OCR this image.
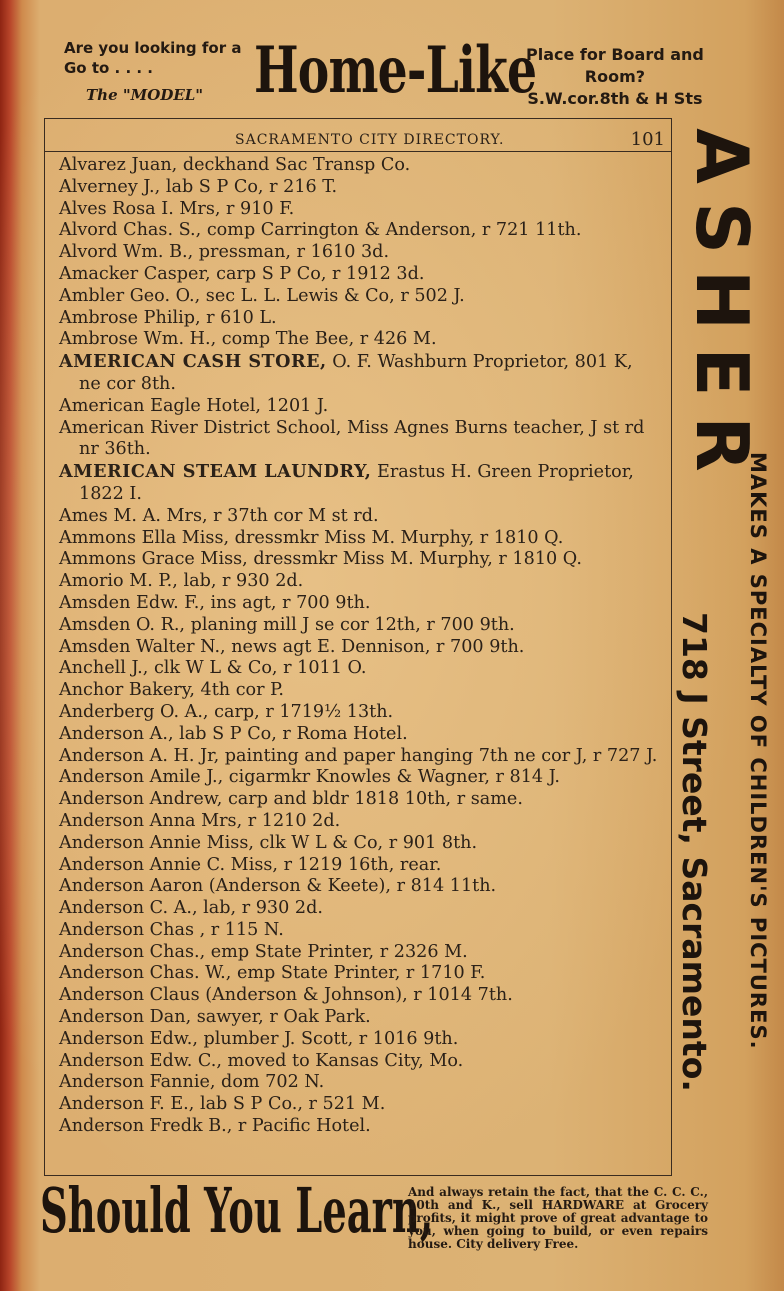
Are you looking for a
Go to . . . .
The "MODEL" Home-Like
Place for Board and
Room?
S.W.cor.8th & H Sts
SACRAMENTO CITY DIRECTORY.	101
Alvarez Juan, deckhand Sac Transp Co.
Alverney J., lab S P Co, r 216 T.
Alves Rosa I. Mrs, r 910 F.
Alvord Chas. S., comp Carrington & Anderson, r 721 11th.
Alvord Wm. B., pressman, r 1610 3d.
Amacker Casper, carp S P Co, r 1912 3d.
Ambler Geo. O., sec L. L. Lewis & Co, r 502 J.
Ambrose Philip, r 610 L.
Ambrose Wm. H., comp The Bee, r 426 M.
AMERICAN CASH STORE, O. F. Washburn Proprietor, 801 K, ne cor 8th.
American Eagle Hotel, 1201 J.
American River District School, Miss Agnes Burns teacher, J st rd nr 36th.
AMERICAN STEAM LAUNDRY, Erastus H. Green Proprietor, 1822 I.
Ames M. A. Mrs, r 37th cor M st rd.
Ammons Ella Miss, dressmkr Miss M. Murphy, r 1810 Q.
Ammons Grace Miss, dressmkr Miss M. Murphy, r 1810 Q.
Amorio M. P., lab, r 930 2d.
Amsden Edw. F., ins agt, r 700 9th.
Amsden O. R., planing mill J se cor 12th, r 700 9th.
Amsden Walter N., news agt E. Dennison, r 700 9th.
Anchell J., clk W L & Co, r 1011 O.
Anchor Bakery, 4th cor P.
Anderberg O. A., carp, r 1719½ 13th.
Anderson A., lab S P Co, r Roma Hotel.
Anderson A. H. Jr, painting and paper hanging 7th ne cor J, r 727 J.
Anderson Amile J., cigarmkr Knowles & Wagner, r 814 J.
Anderson Andrew, carp and bldr 1818 10th, r same.
Anderson Anna Mrs, r 1210 2d.
Anderson Annie Miss, clk W L & Co, r 901 8th.
Anderson Annie C. Miss, r 1219 16th, rear.
Anderson Aaron (Anderson & Keete), r 814 11th.
Anderson C. A., lab, r 930 2d.
Anderson Chas , r 115 N.
Anderson Chas., emp State Printer, r 2326 M.
Anderson Chas. W., emp State Printer, r 1710 F.
Anderson Claus (Anderson & Johnson), r 1014 7th.
Anderson Dan, sawyer, r Oak Park.
Anderson Edw., plumber J. Scott, r 1016 9th.
Anderson Edw. C., moved to Kansas City, Mo.
Anderson Fannie, dom 702 N.
Anderson F. E., lab S P Co., r 521 M.
Anderson Fredk B., r Pacific Hotel.
A
S
H
E
R
MAKES A SPECIALTY OF CHILDREN'S PICTURES.
718 J Street, Sacramento.
Should You Learn,
And always retain the fact, that the C. C. C., 10th and K., sell HARDWARE at Grocery profits, it might prove of great advantage to you, when going to build, or even repairs house. City delivery Free.
